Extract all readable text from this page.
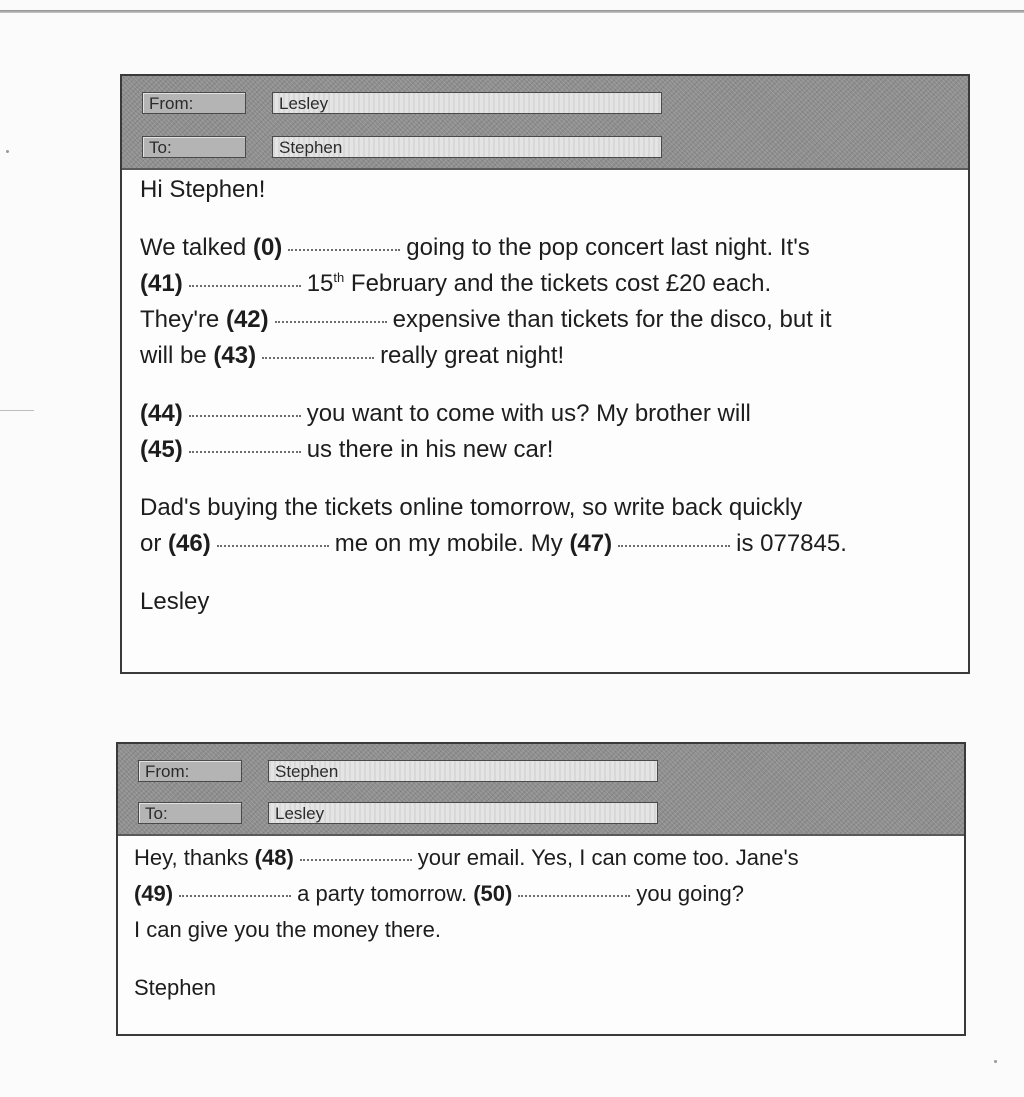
From:	Lesley
To:	Stephen
Hi Stephen!
We talked (0)	going to the pop concert last night. It's
(41)	15th February and the tickets cost £20 each.
They're (42)	expensive than tickets for the disco, but it
will be (43)	really great night!
(44)	you want to come with us? My brother will
(45)	us there in his new car!
Dad's buying the tickets online tomorrow, so write back quickly
or (46)	me on my mobile. My (47)	is 077845.
Lesley
From:	Stephen
To:	Lesley
Hey, thanks (48)	your email. Yes, I can come too. Jane's
(49)	a party tomorrow. (50)	you going?
I can give you the money there.
Stephen
